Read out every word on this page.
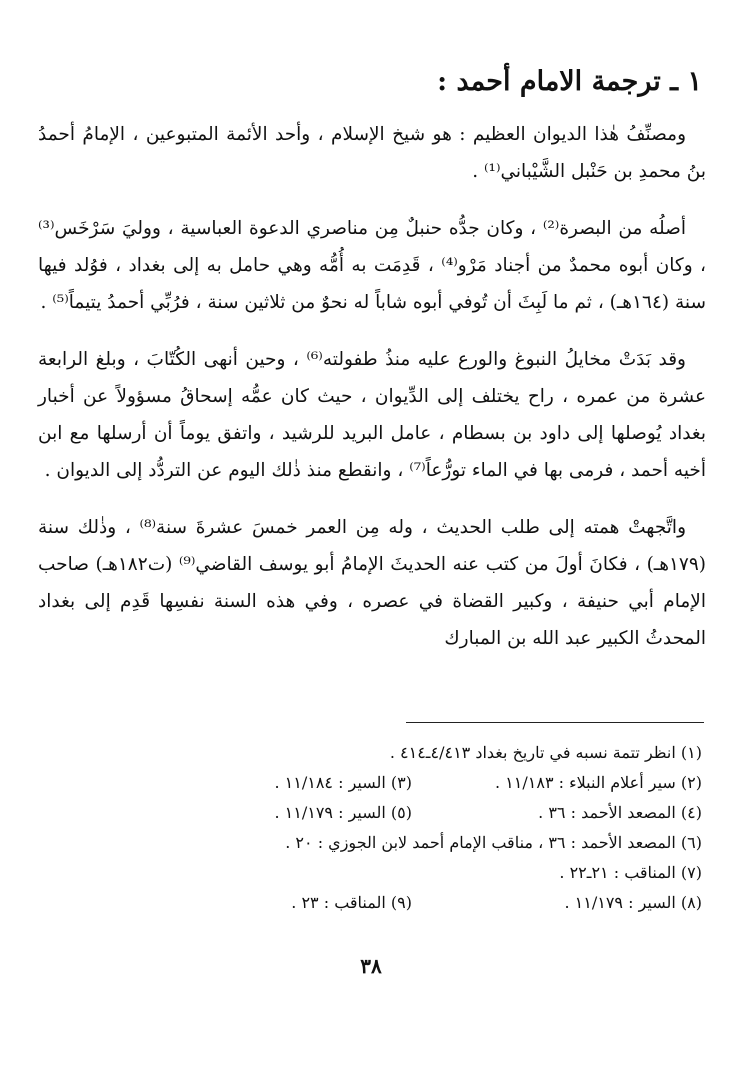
١ ـ ترجمة الامام أحمد :

ومصنِّفُ هٰذا الديوان العظيم : هو شيخ الإسلام ، وأحد الأئمة المتبوعين ، الإمامُ أحمدُ بنُ محمدِ بن حَنْبل الشَّيْباني⁽¹⁾ .

أصلُه من البصرة⁽²⁾ ، وكان جدُّه حنبلٌ مِن مناصري الدعوة العباسية ، ووليَ سَرْخَس⁽³⁾ ، وكان أبوه محمدٌ من أجناد مَرْو⁽⁴⁾ ، قَدِمَت به أُمُّه وهي حامل به إلى بغداد ، فوُلد فيها سنة (١٦٤هـ) ، ثم ما لَبِثَ أن تُوفي أبوه شاباً له نحوٌ من ثلاثين سنة ، فرُبِّي أحمدُ يتيماً⁽⁵⁾ .

وقد بَدَتْ مخايلُ النبوغ والورع عليه منذُ طفولته⁽⁶⁾ ، وحين أنهى الكُتّابَ ، وبلغ الرابعة عشرة من عمره ، راح يختلف إلى الدِّيوان ، حيث كان عمُّه إسحاقُ مسؤولاً عن أخبار بغداد يُوصلها إلى داود بن بسطام ، عامل البريد للرشيد ، واتفق يوماً أن أرسلها مع ابن أخيه أحمد ، فرمى بها في الماء تورُّعاً⁽⁷⁾ ، وانقطع منذ ذٰلك اليوم عن التردُّد إلى الديوان .

واتَّجهتْ همته إلى طلب الحديث ، وله مِن العمر خمسَ عشرةَ سنة⁽⁸⁾ ، وذٰلك سنة (١٧٩هـ) ، فكانَ أولَ من كتب عنه الحديثَ الإمامُ أبو يوسف القاضي⁽⁹⁾ (ت١٨٢هـ) صاحب الإمام أبي حنيفة ، وكبير القضاة في عصره ، وفي هذه السنة نفسِها قَدِم إلى بغداد المحدثُ الكبير عبد الله بن المبارك

(١) انظر تتمة نسبه في تاريخ بغداد ٤/٤١٣ـ٤١٤ .
(٢) سير أعلام النبلاء : ١١/١٨٣ .
(٣) السير : ١١/١٨٤ .
(٤) المصعد الأحمد : ٣٦ .
(٥) السير : ١١/١٧٩ .
(٦) المصعد الأحمد : ٣٦ ، مناقب الإمام أحمد لابن الجوزي : ٢٠ .
(٧) المناقب : ٢١ـ٢٢ .
(٨) السير : ١١/١٧٩ .
(٩) المناقب : ٢٣ .
٣٨
